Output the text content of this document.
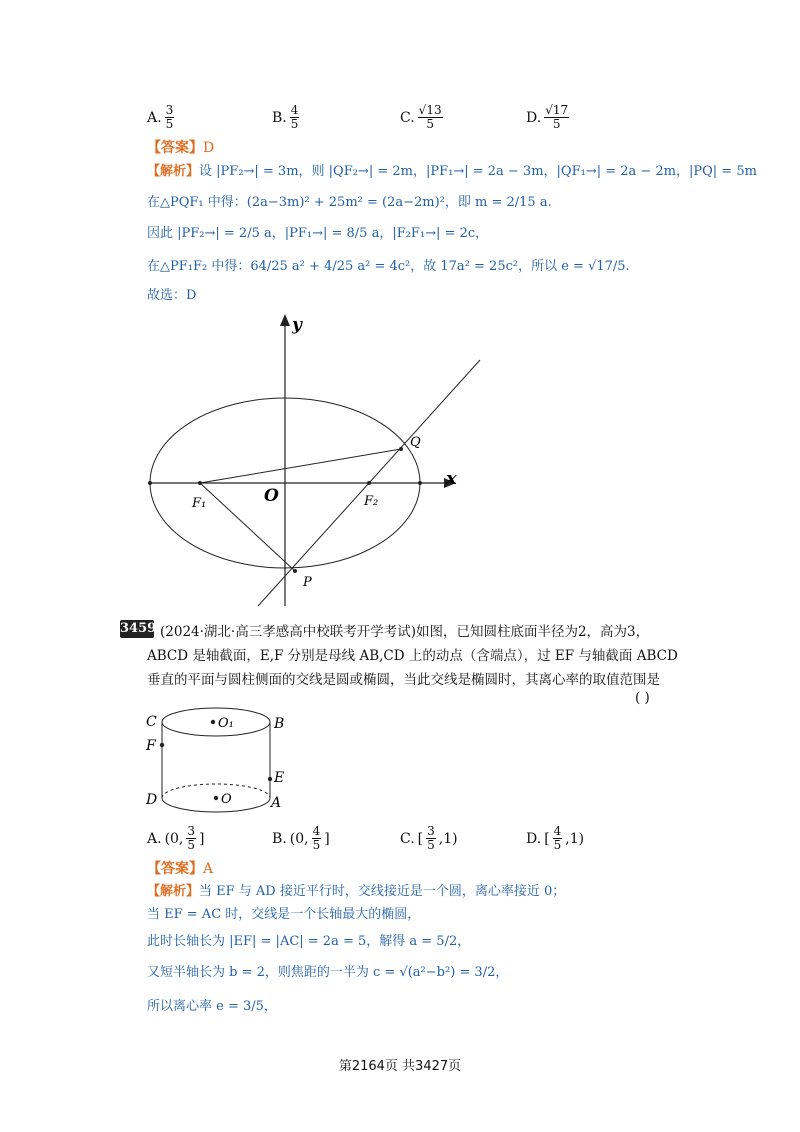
A. $\frac{3}{5}$	B. $\frac{4}{5}$	C. $\frac{√13}{5}$	D. $\frac{√17}{5}$
【答案】D
【解析】设 |PF₂→| = 3m，则 |QF₂→| = 2m，|PF₁→| = 2a − 3m，|QF₁→| = 2a − 2m，|PQ| = 5m
在△PQF₁ 中得：(2a−3m)² + 25m² = (2a−2m)²，即 m = 2/15 a.
因此 |PF₂→| = 2/5 a，|PF₁→| = 8/5 a，|F₂F₁→| = 2c，
在△PF₁F₂ 中得：64/25 a² + 4/25 a² = 4c²，故 17a² = 25c²，所以 e = √17/5.
故选：D
y
x
O
F₁	F₂
Q
P
3459 (2024·湖北·高三孝感高中校联考开学考试)如图，已知圆柱底面半径为2，高为3，
ABCD 是轴截面，E,F 分别是母线 AB,CD 上的动点（含端点），过 EF 与轴截面 ABCD
垂直的平面与圆柱侧面的交线是圆或椭圆，当此交线是椭圆时，其离心率的取值范围是
( )
C	O₁	B
F
E
D	O	A
A. (0, $\frac{3}{5}$ ]	B. (0, $\frac{4}{5}$ ]	C. [ $\frac{3}{5} ,1$)	D. [ $\frac{4}{5} ,1$)
【答案】A
【解析】当 EF 与 AD 接近平行时，交线接近是一个圆，离心率接近 0；
当 EF = AC 时，交线是一个长轴最大的椭圆，
此时长轴长为 |EF| = |AC| = 2a = 5，解得 a = 5/2，
又短半轴长为 b = 2，则焦距的一半为 c = √(a²−b²) = 3/2，
所以离心率 e = 3/5，
第2164页 共3427页
